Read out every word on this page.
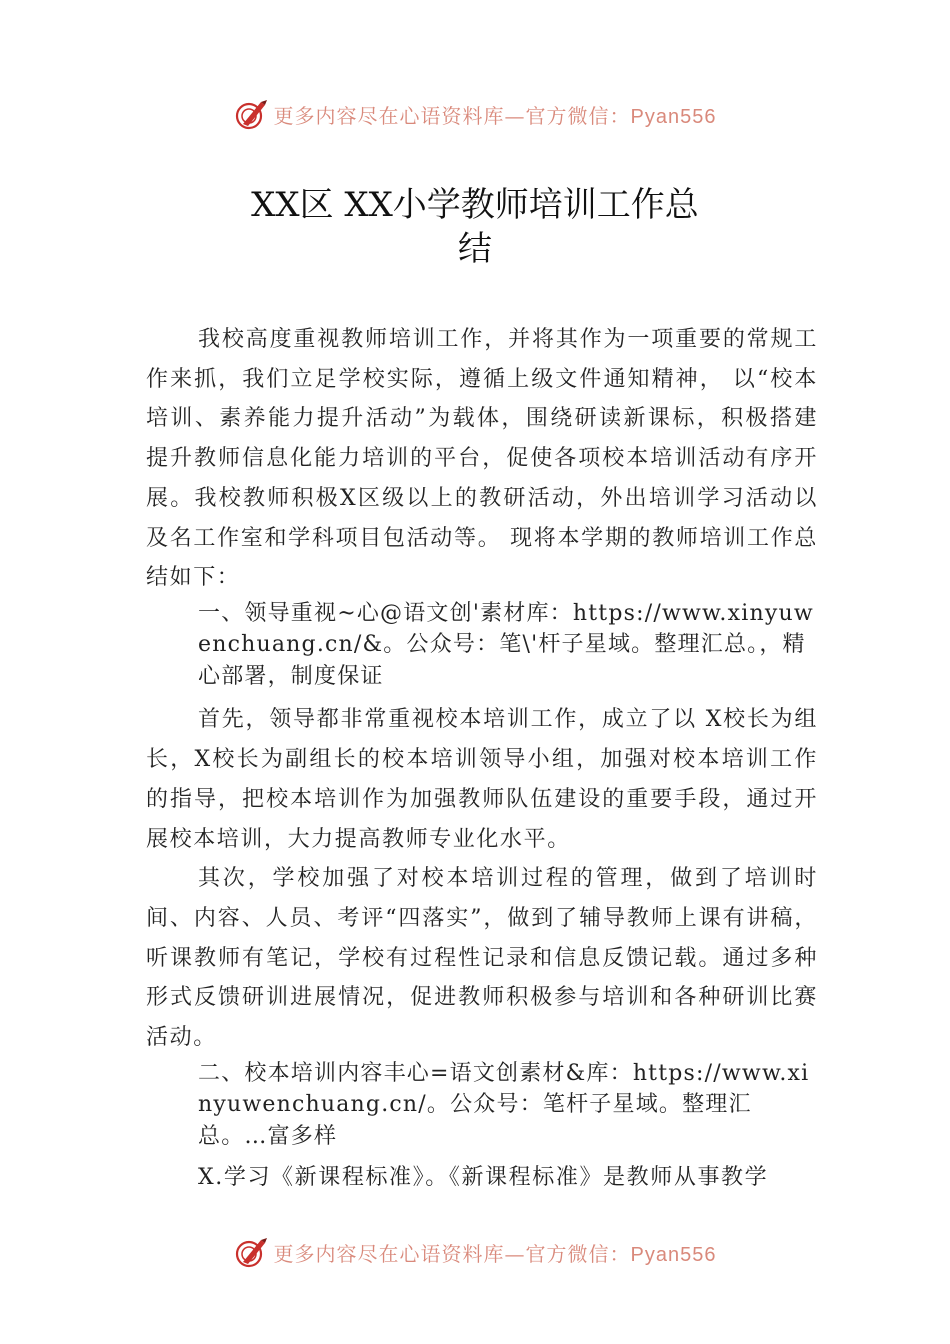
更多内容尽在心语资料库—官方微信：Pyan556
XX区 XX小学教师培训工作总
结

我校高度重视教师培训工作，并将其作为一项重要的常规工作来抓，我们立足学校实际，遵循上级文件通知精神， 以“校本培训、素养能力提升活动”为载体，围绕研读新课标，积极搭建提升教师信息化能力培训的平台，促使各项校本培训活动有序开展。我校教师积极X区级以上的教研活动，外出培训学习活动以及名工作室和学科项目包活动等。 现将本学期的教师培训工作总结如下：

一、领导重视~心@语文创'素材库：https://www.xinyuwenchuang.cn/&。公众号：笔\'杆子星域。整理汇总。，精心部署，制度保证

首先，领导都非常重视校本培训工作，成立了以 X校长为组长，X校长为副组长的校本培训领导小组，加强对校本培训工作的指导，把校本培训作为加强教师队伍建设的重要手段，通过开展校本培训，大力提高教师专业化水平。

其次，学校加强了对校本培训过程的管理，做到了培训时间、内容、人员、考评“四落实”，做到了辅导教师上课有讲稿，听课教师有笔记，学校有过程性记录和信息反馈记载。通过多种形式反馈研训进展情况，促进教师积极参与培训和各种研训比赛活动。

二、校本培训内容丰心=语文创素材&库：https://www.xinyuwenchuang.cn/。公众号：笔杆子星域。整理汇总。…富多样

X.学习《新课程标准》。《新课程标准》是教师从事教学

更多内容尽在心语资料库—官方微信：Pyan556
